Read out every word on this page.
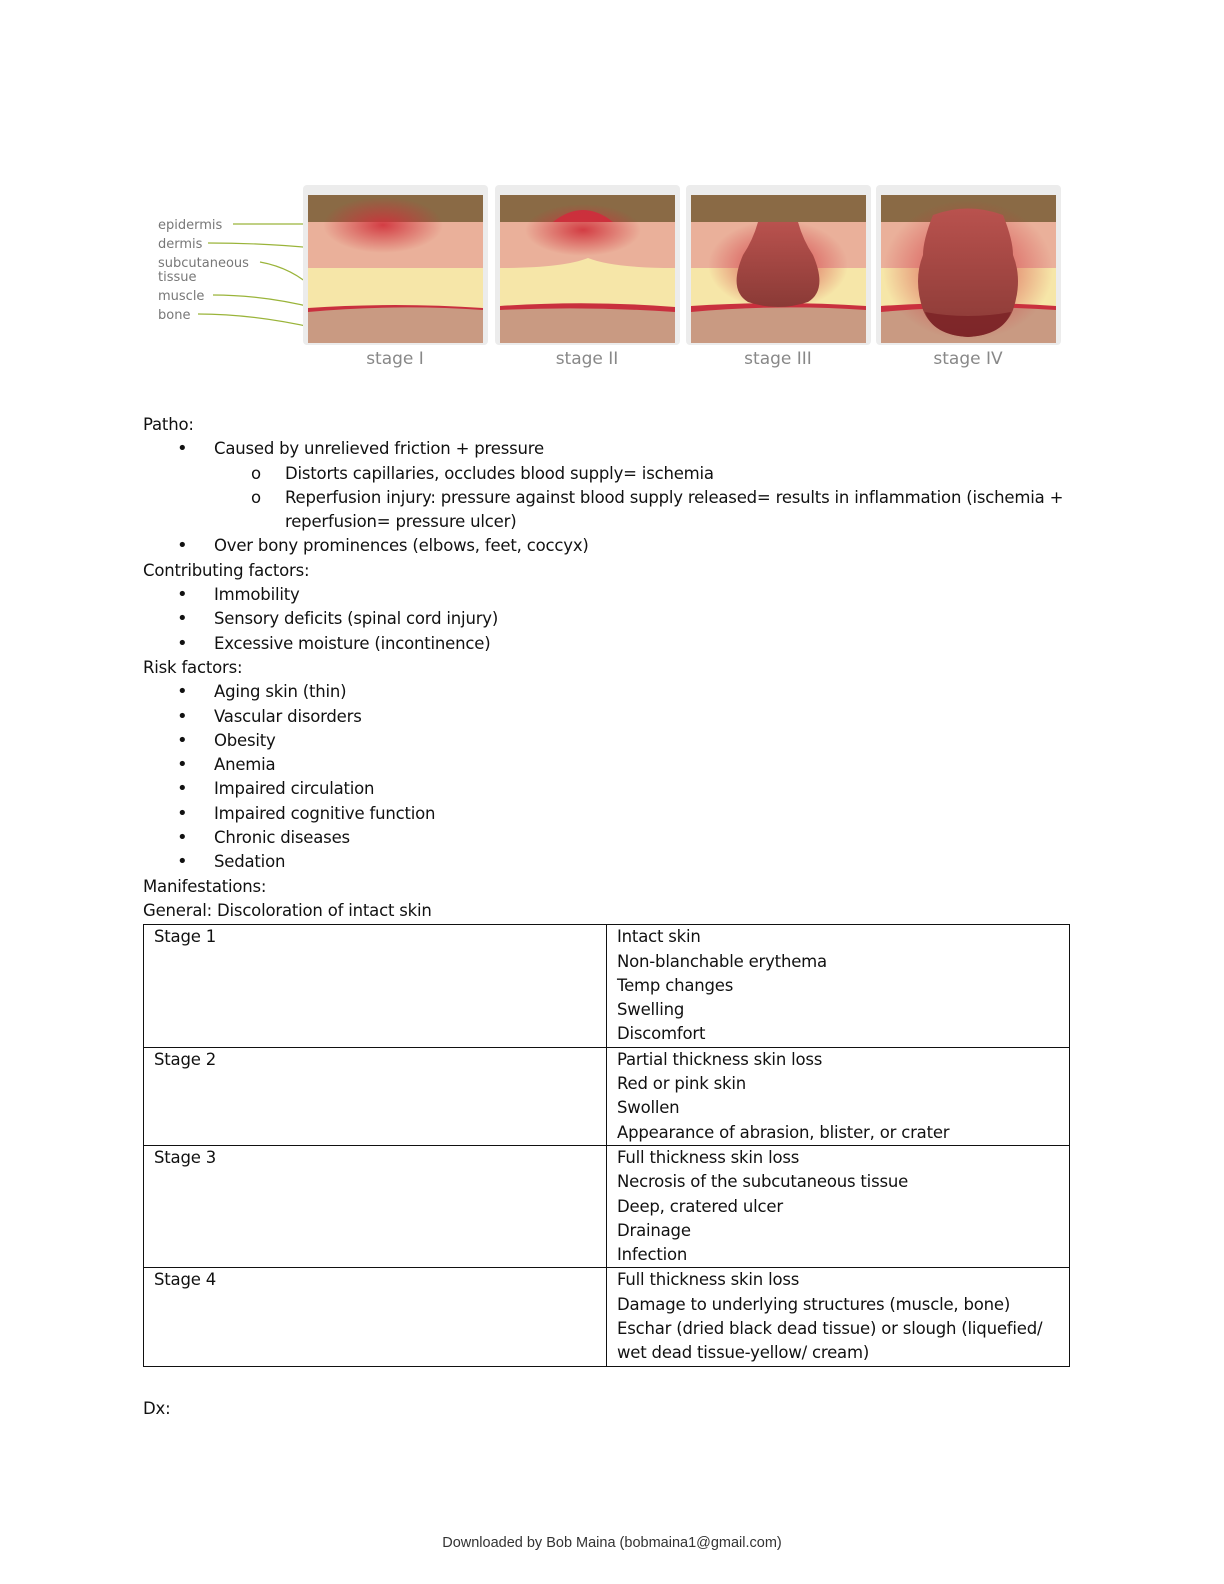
epidermis
dermis
subcutaneous
tissue
muscle
bone
stage I	stage II	stage III	stage IV
Patho:
• Caused by unrelieved friction + pressure
o Distorts capillaries, occludes blood supply= ischemia
o Reperfusion injury: pressure against blood supply released= results in inflammation (ischemia + reperfusion= pressure ulcer)
• Over bony prominences (elbows, feet, coccyx)
Contributing factors:
• Immobility
• Sensory deficits (spinal cord injury)
• Excessive moisture (incontinence)
Risk factors:
• Aging skin (thin)
• Vascular disorders
• Obesity
• Anemia
• Impaired circulation
• Impaired cognitive function
• Chronic diseases
• Sedation
Manifestations:
General: Discoloration of intact skin
Stage 1	Intact skin
Non-blanchable erythema
Temp changes
Swelling
Discomfort

Stage 2	Partial thickness skin loss
Red or pink skin
Swollen
Appearance of abrasion, blister, or crater

Stage 3	Full thickness skin loss
Necrosis of the subcutaneous tissue
Deep, cratered ulcer
Drainage
Infection

Stage 4	Full thickness skin loss
Damage to underlying structures (muscle, bone)
Eschar (dried black dead tissue) or slough (liquefied/
wet dead tissue-yellow/ cream)
Dx:
Downloaded by Bob Maina (bobmaina1@gmail.com)
